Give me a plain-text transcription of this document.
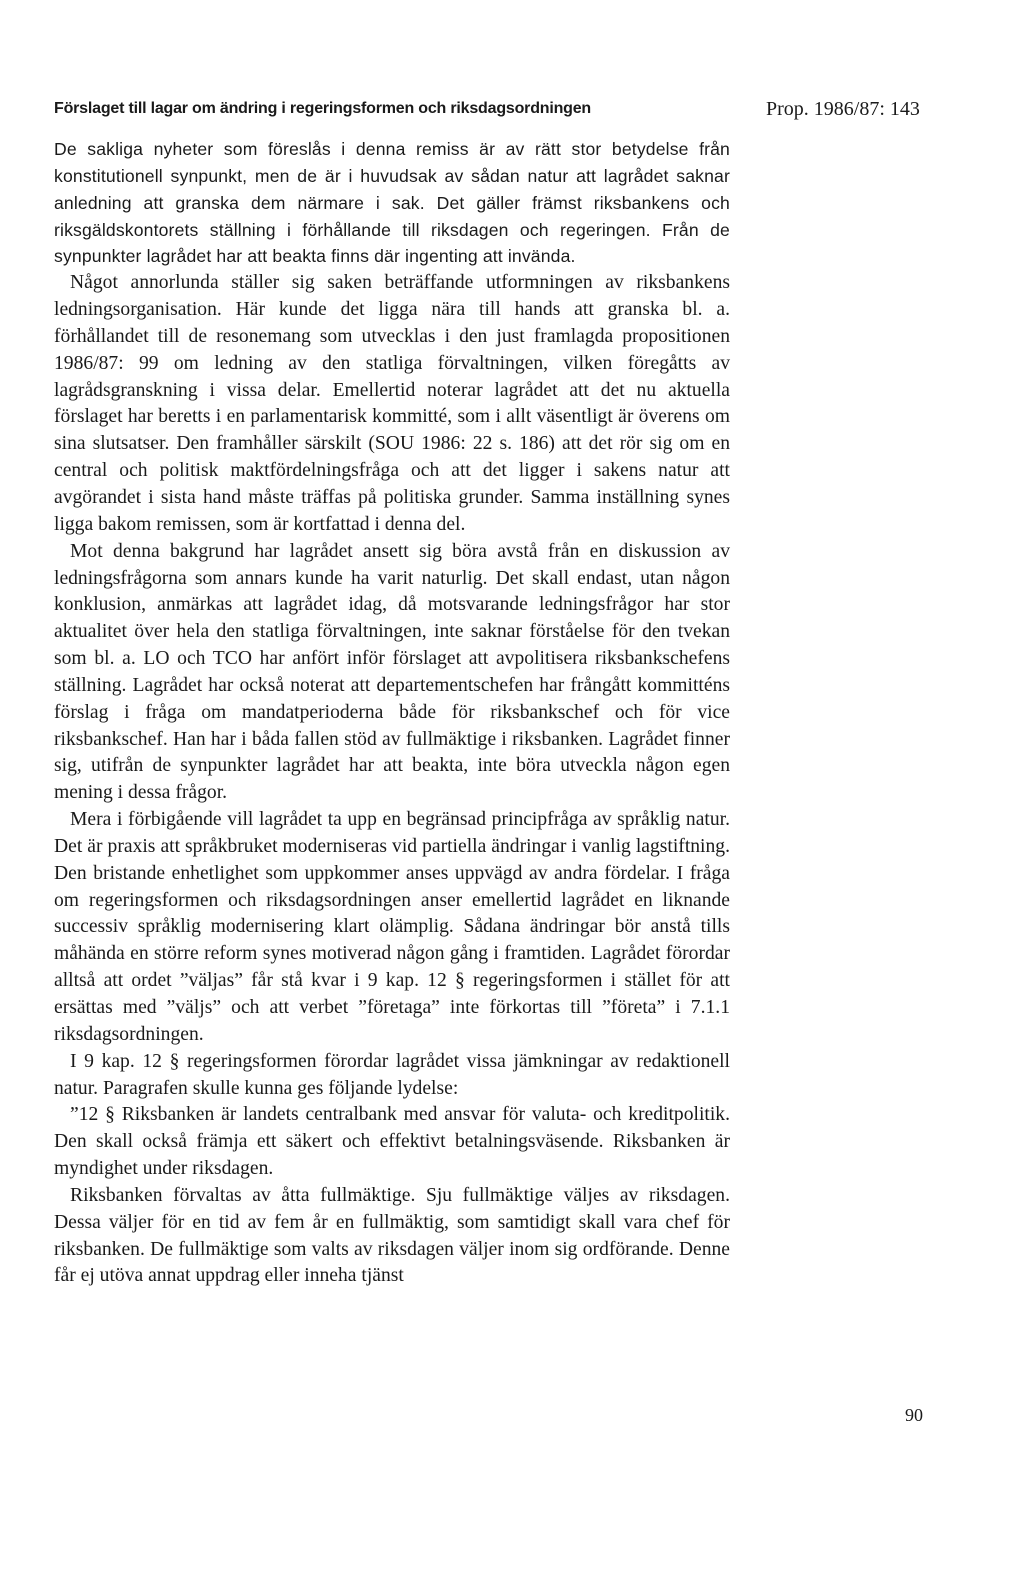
Förslaget till lagar om ändring i regeringsformen och riksdagsordningen	Prop. 1986/87: 143

De sakliga nyheter som föreslås i denna remiss är av rätt stor betydelse från konstitutionell synpunkt, men de är i huvudsak av sådan natur att lagrådet saknar anledning att granska dem närmare i sak. Det gäller främst riksbankens och riksgäldskontorets ställning i förhållande till riksdagen och regeringen. Från de synpunkter lagrådet har att beakta finns där ingenting att invända.

Något annorlunda ställer sig saken beträffande utformningen av riksbankens ledningsorganisation. Här kunde det ligga nära till hands att granska bl. a. förhållandet till de resonemang som utvecklas i den just framlagda propositionen 1986/87: 99 om ledning av den statliga förvaltningen, vilken föregåtts av lagrådsgranskning i vissa delar. Emellertid noterar lagrådet att det nu aktuella förslaget har beretts i en parlamentarisk kommitté, som i allt väsentligt är överens om sina slutsatser. Den framhåller särskilt (SOU 1986: 22 s. 186) att det rör sig om en central och politisk maktfördelningsfråga och att det ligger i sakens natur att avgörandet i sista hand måste träffas på politiska grunder. Samma inställning synes ligga bakom remissen, som är kortfattad i denna del.

Mot denna bakgrund har lagrådet ansett sig böra avstå från en diskussion av ledningsfrågorna som annars kunde ha varit naturlig. Det skall endast, utan någon konklusion, anmärkas att lagrådet idag, då motsvarande ledningsfrågor har stor aktualitet över hela den statliga förvaltningen, inte saknar förståelse för den tvekan som bl. a. LO och TCO har anfört inför förslaget att avpolitisera riksbankschefens ställning. Lagrådet har också noterat att departementschefen har frångått kommitténs förslag i fråga om mandatperioderna både för riksbankschef och för vice riksbankschef. Han har i båda fallen stöd av fullmäktige i riksbanken. Lagrådet finner sig, utifrån de synpunkter lagrådet har att beakta, inte böra utveckla någon egen mening i dessa frågor.

Mera i förbigående vill lagrådet ta upp en begränsad principfråga av språklig natur. Det är praxis att språkbruket moderniseras vid partiella ändringar i vanlig lagstiftning. Den bristande enhetlighet som uppkommer anses uppvägd av andra fördelar. I fråga om regeringsformen och riksdagsordningen anser emellertid lagrådet en liknande successiv språklig modernisering klart olämplig. Sådana ändringar bör anstå tills måhända en större reform synes motiverad någon gång i framtiden. Lagrådet förordar alltså att ordet ”väljas” får stå kvar i 9 kap. 12 § regeringsformen i stället för att ersättas med ”väljs” och att verbet ”företaga” inte förkortas till ”företa” i 7.1.1 riksdagsordningen.

I 9 kap. 12 § regeringsformen förordar lagrådet vissa jämkningar av redaktionell natur. Paragrafen skulle kunna ges följande lydelse:

”12 § Riksbanken är landets centralbank med ansvar för valuta- och kreditpolitik. Den skall också främja ett säkert och effektivt betalningsväsende. Riksbanken är myndighet under riksdagen.

Riksbanken förvaltas av åtta fullmäktige. Sju fullmäktige väljes av riksdagen. Dessa väljer för en tid av fem år en fullmäktig, som samtidigt skall vara chef för riksbanken. De fullmäktige som valts av riksdagen väljer inom sig ordförande. Denne får ej utöva annat uppdrag eller inneha tjänst

90
